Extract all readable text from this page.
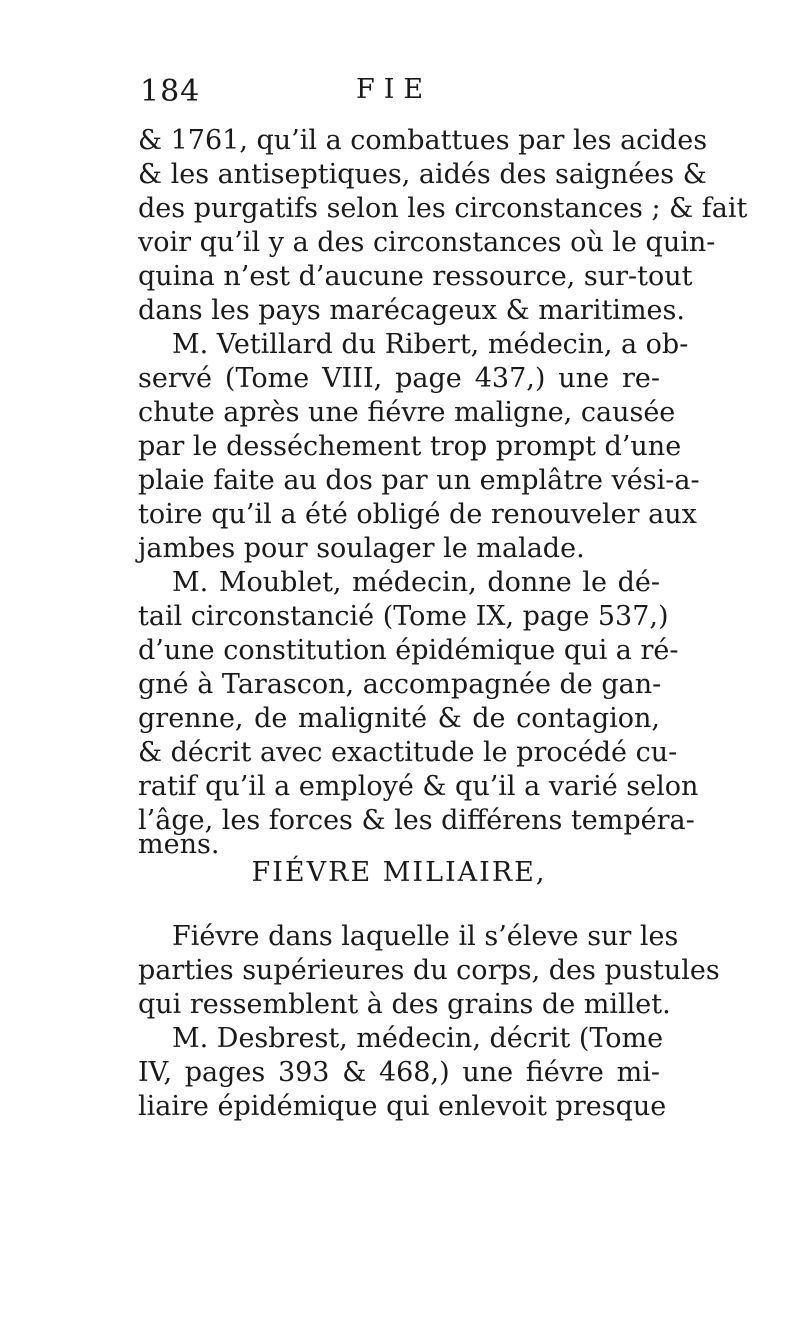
184	FIE
& 1761, qu’il a combattues par les acides
& les antiseptiques, aidés des saignées &
des purgatifs selon les circonstances ; & fait
voir qu’il y a des circonstances où le quin-
quina n’est d’aucune ressource, sur-tout
dans les pays marécageux & maritimes.
M. Vetillard du Ribert, médecin, a ob-
servé (Tome VIII, page 437,) une re-
chute après une fiévre maligne, causée
par le desséchement trop prompt d’une
plaie faite au dos par un emplâtre vési-a-
toire qu’il a été obligé de renouveler aux
jambes pour soulager le malade.
M. Moublet, médecin, donne le dé-
tail circonstancié (Tome IX, page 537,)
d’une constitution épidémique qui a ré-
gné à Tarascon, accompagnée de gan-
grenne, de malignité & de contagion,
& décrit avec exactitude le procédé cu-
ratif qu’il a employé & qu’il a varié selon
l’âge, les forces & les différens tempéra-
mens.
FIÉVRE MILIAIRE,
Fiévre dans laquelle il s’éleve sur les
parties supérieures du corps, des pustules
qui ressemblent à des grains de millet.
M. Desbrest, médecin, décrit (Tome
IV, pages 393 & 468,) une fiévre mi-
liaire épidémique qui enlevoit presque
